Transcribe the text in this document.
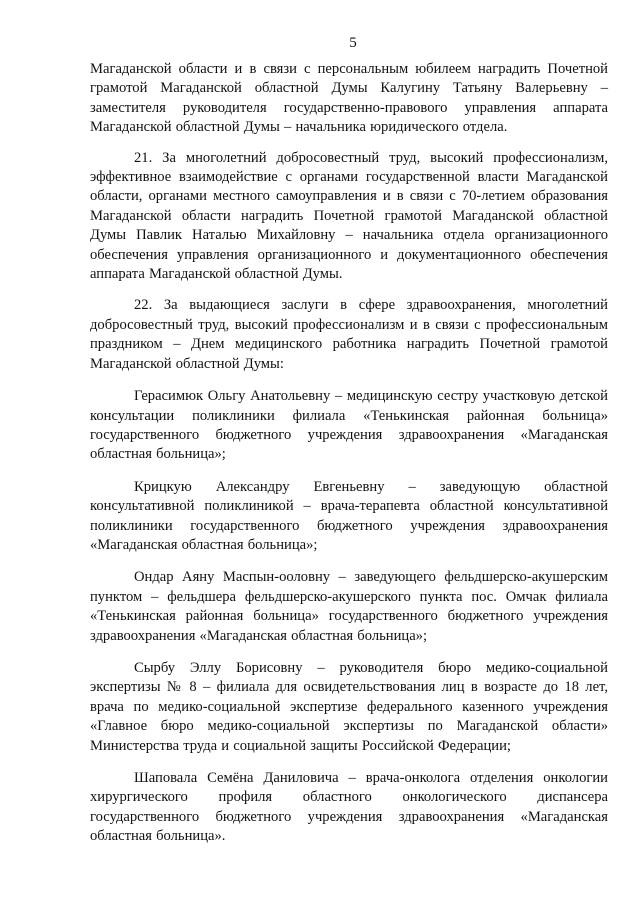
5

Магаданской области и в связи с персональным юбилеем наградить Почетной грамотой Магаданской областной Думы Калугину Татьяну Валерьевну – заместителя руководителя государственно-правового управления аппарата Магаданской областной Думы – начальника юридического отдела.

21. За многолетний добросовестный труд, высокий профессионализм, эффективное взаимодействие с органами государственной власти Магаданской области, органами местного самоуправления и в связи с 70-летием образования Магаданской области наградить Почетной грамотой Магаданской областной Думы Павлик Наталью Михайловну – начальника отдела организационного обеспечения управления организационного и документационного обеспечения аппарата Магаданской областной Думы.

22. За выдающиеся заслуги в сфере здравоохранения, многолетний добросовестный труд, высокий профессионализм и в связи с профессиональным праздником – Днем медицинского работника наградить Почетной грамотой Магаданской областной Думы:

Герасимюк Ольгу Анатольевну – медицинскую сестру участковую детской консультации поликлиники филиала «Тенькинская районная больница» государственного бюджетного учреждения здравоохранения «Магаданская областная больница»;

Крицкую Александру Евгеньевну – заведующую областной консультативной поликлиникой – врача-терапевта областной консультативной поликлиники государственного бюджетного учреждения здравоохранения «Магаданская областная больница»;

Ондар Аяну Маспын-ооловну – заведующего фельдшерско-акушерским пунктом – фельдшера фельдшерско-акушерского пункта пос. Омчак филиала «Тенькинская районная больница» государственного бюджетного учреждения здравоохранения «Магаданская областная больница»;

Сырбу Эллу Борисовну – руководителя бюро медико-социальной экспертизы № 8 – филиала для освидетельствования лиц в возрасте до 18 лет, врача по медико-социальной экспертизе федерального казенного учреждения «Главное бюро медико-социальной экспертизы по Магаданской области» Министерства труда и социальной защиты Российской Федерации;

Шаповала Семёна Даниловича – врача-онколога отделения онкологии хирургического профиля областного онкологического диспансера государственного бюджетного учреждения здравоохранения «Магаданская областная больница».
